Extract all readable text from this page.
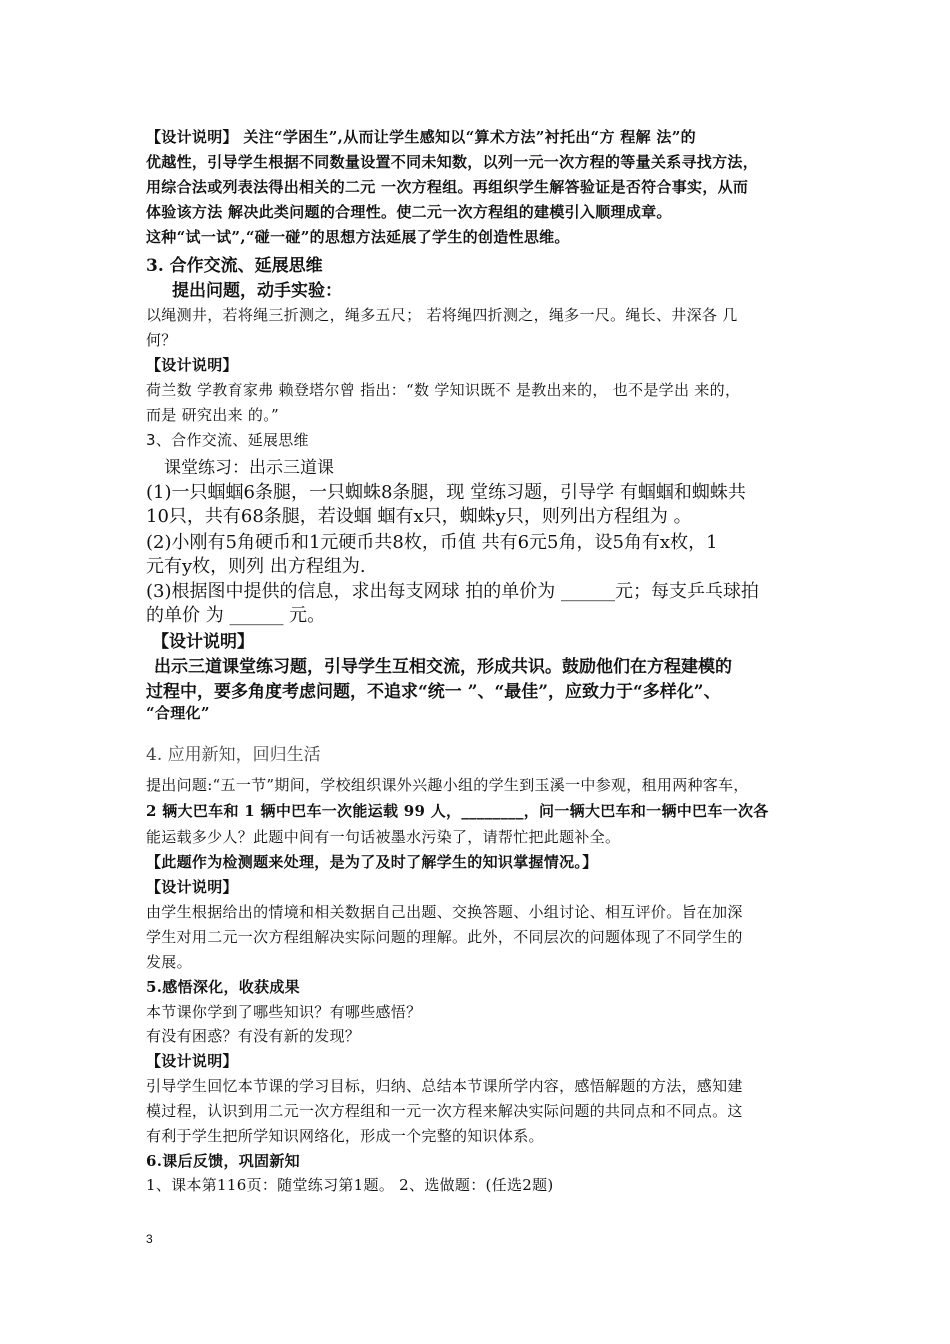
【设计说明】 关注“学困生”,从而让学生感知以“算术方法”衬托出“方 程解 法”的

优越性，引导学生根据不同数量设置不同未知数，以列一元一次方程的等量关系寻找方法，

用综合法或列表法得出相关的二元 一次方程组。再组织学生解答验证是否符合事实，从而

体验该方法 解决此类问题的合理性。使二元一次方程组的建模引入顺理成章。

这种“试一试”,“碰一碰”的思想方法延展了学生的创造性思维。

3. 合作交流、延展思维

提出问题，动手实验：

以绳测井，若将绳三折测之，绳多五尺； 若将绳四折测之，绳多一尺。绳长、井深各 几

何？

【设计说明】

荷兰数 学教育家弗 赖登塔尔曾 指出：“数 学知识既不 是教出来的， 也不是学出 来的，

而是 研究出来 的。”

3、合作交流、延展思维

课堂练习：出示三道课

(1)一只蝈蝈6条腿，一只蜘蛛8条腿，现 堂练习题，引导学 有蝈蝈和蜘蛛共

10只，共有68条腿，若设蝈 蝈有x只，蜘蛛y只，则列出方程组为 。

(2)小刚有5角硬币和1元硬币共8枚，币值 共有6元5角，设5角有x枚，1

元有y枚，则列 出方程组为.

(3)根据图中提供的信息，求出每支网球 拍的单价为 ______元；每支乒乓球拍

的单价 为 ______ 元。

【设计说明】

出示三道课堂练习题，引导学生互相交流，形成共识。鼓励他们在方程建模的

过程中，要多角度考虑问题，不追求“统一 ”、“最佳”，应致力于“多样化”、

“合理化”

4. 应用新知，回归生活

提出问题:“五一节”期间，学校组织课外兴趣小组的学生到玉溪一中参观，租用两种客车，

2 辆大巴车和 1 辆中巴车一次能运载 99 人，________，问一辆大巴车和一辆中巴车一次各

能运载多少人？此题中间有一句话被墨水污染了，请帮忙把此题补全。

【此题作为检测题来处理，是为了及时了解学生的知识掌握情况。】

【设计说明】

由学生根据给出的情境和相关数据自己出题、交换答题、小组讨论、相互评价。旨在加深

学生对用二元一次方程组解决实际问题的理解。此外，不同层次的问题体现了不同学生的

发展。

5.感悟深化，收获成果

本节课你学到了哪些知识？有哪些感悟？

有没有困惑？有没有新的发现？

【设计说明】

引导学生回忆本节课的学习目标，归纳、总结本节课所学内容，感悟解题的方法，感知建

模过程，认识到用二元一次方程组和一元一次方程来解决实际问题的共同点和不同点。这

有利于学生把所学知识网络化，形成一个完整的知识体系。

6.课后反馈，巩固新知

1、课本第116页：随堂练习第1题。 2、选做题：(任选2题)

3
